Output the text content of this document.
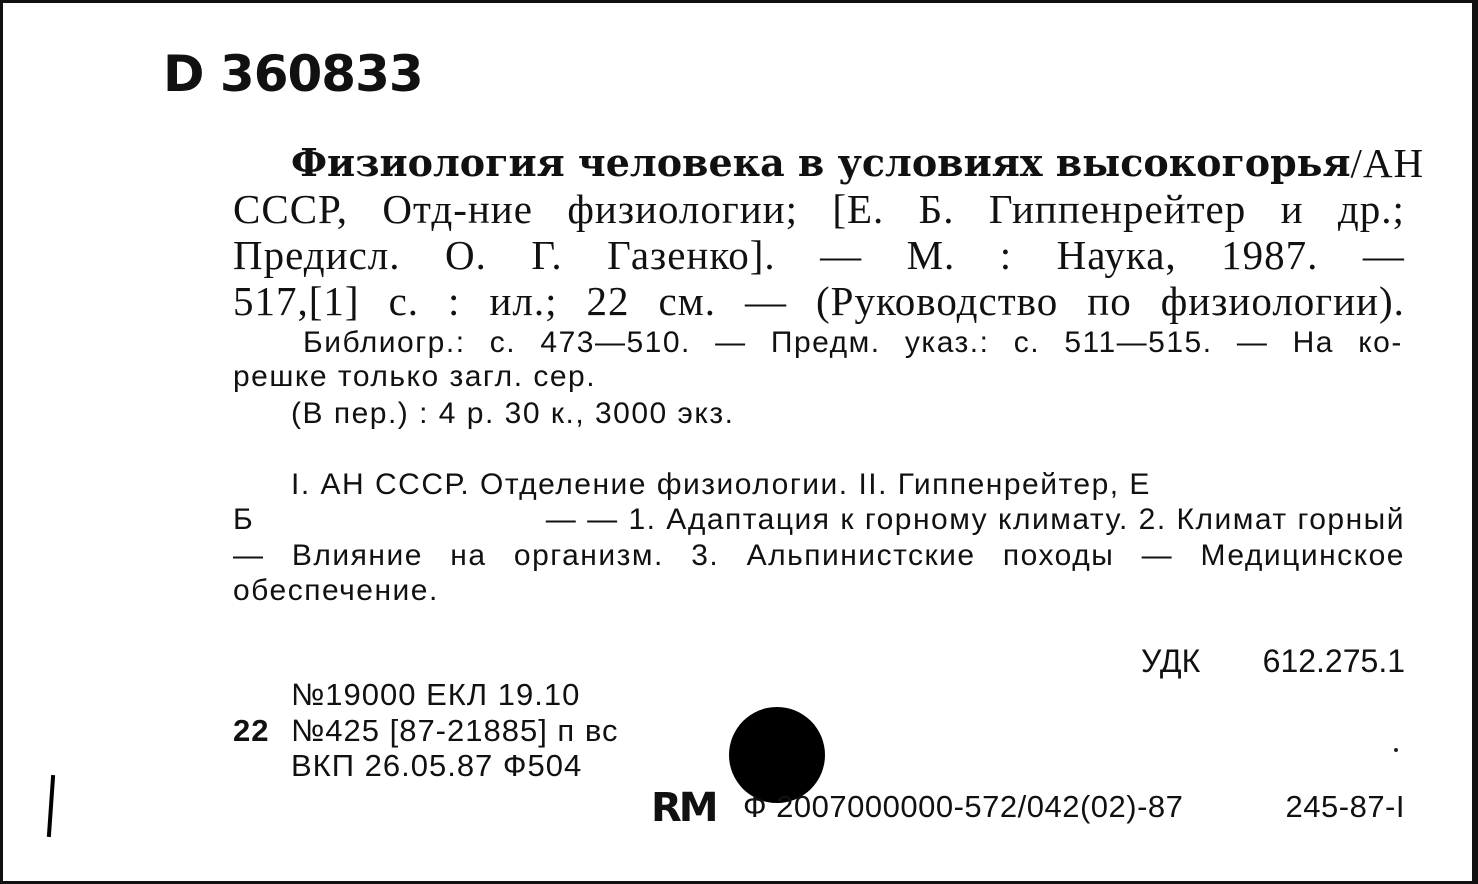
D 360833
Физиология человека в условиях высокогорья / АН
СССР, Отд-ние физиологии; [Е. Б. Гиппенрейтер и др.;
Предисл. О. Г. Газенко]. — М. : Наука, 1987. —
517,[1] с. : ил.; 22 см. — (Руководство по физиологии).
Библиогр.: с. 473—510. — Предм. указ.: с. 511—515. — На ко-
решке только загл. сер.
(В пер.) : 4 р. 30 к., 3000 экз.
I. АН СССР. Отделение физиологии. II. Гиппенрейтер, Е
Б	— — 1. Адаптация к горному климату. 2. Климат горный
— Влияние на организм. 3. Альпинистские походы — Медицинское
обеспечение.
УДК 612.275.1
№19000 ЕКЛ 19.10
22 №425 [87-21885] п вс
ВКП 26.05.87 Ф504
RM Ф 2007000000-572/042(02)-87	245-87-I
